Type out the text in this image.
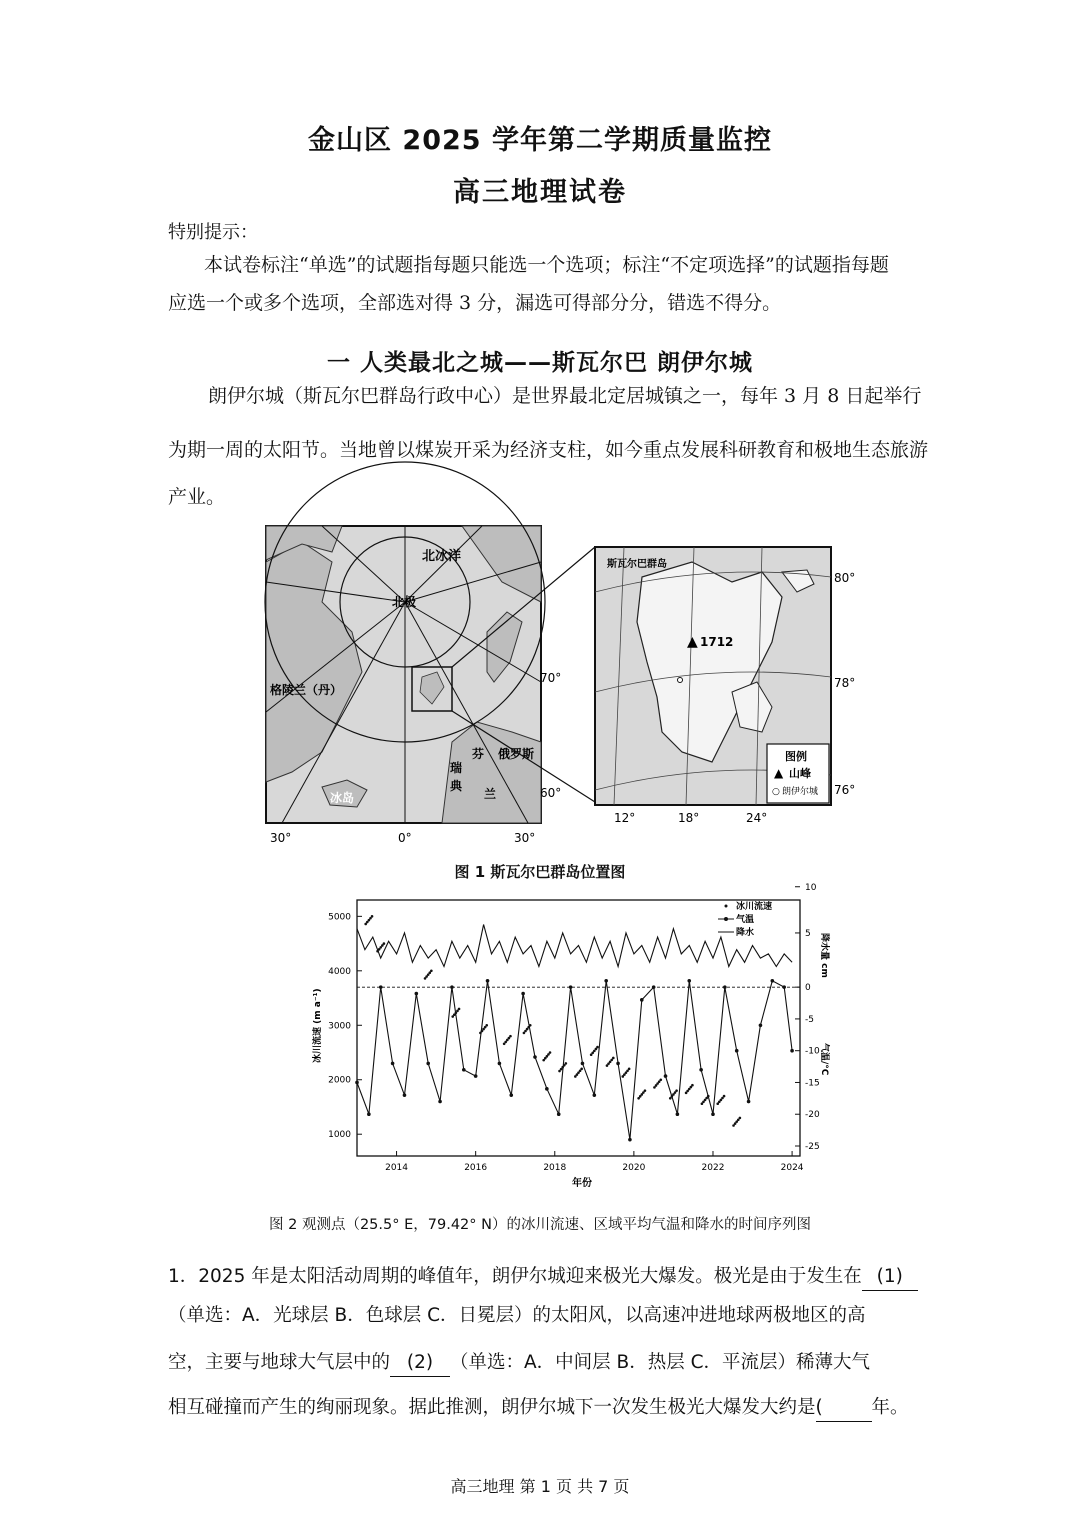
金山区 2025 学年第二学期质量监控
高三地理试卷
特别提示：
本试卷标注“单选”的试题指每题只能选一个选项；标注“不定项选择”的试题指每题
应选一个或多个选项，全部选对得 3 分，漏选可得部分分，错选不得分。
一 人类最北之城——斯瓦尔巴 朗伊尔城
朗伊尔城（斯瓦尔巴群岛行政中心）是世界最北定居城镇之一，每年 3 月 8 日起举行
为期一周的太阳节。当地曾以煤炭开采为经济支柱，如今重点发展科研教育和极地生态旅游
产业。
北冰洋
北极
格陵兰（丹）
冰岛
瑞
典
芬
兰
俄罗斯
70°
60°
30°	0°	30°
斯瓦尔巴群岛
▲ 1712
80°
78°
76°
12°	18°	24°
图例
▲ 山峰
○ 朗伊尔城
图 1 斯瓦尔巴群岛位置图
1000
2000
3000
4000
5000
10
5
0
-5
-10
-15
-20
-25
2014	2016	2018	2020	2022	2024
冰川流速 (m a⁻¹)
降水量 cm
气温/°C
年份
冰川流速
气温
降水
图 2 观测点（25.5° E，79.42° N）的冰川流速、区域平均气温和降水的时间序列图
1．2025 年是太阳活动周期的峰值年，朗伊尔城迎来极光大爆发。极光是由于发生在 (1)
（单选：A．光球层 B．色球层 C．日冕层）的太阳风，以高速冲进地球两极地区的高
空，主要与地球大气层中的 (2) （单选：A．中间层 B．热层 C．平流层）稀薄大气
相互碰撞而产生的绚丽现象。据此推测，朗伊尔城下一次发生极光大爆发大约是(	年。
高三地理 第 1 页 共 7 页
